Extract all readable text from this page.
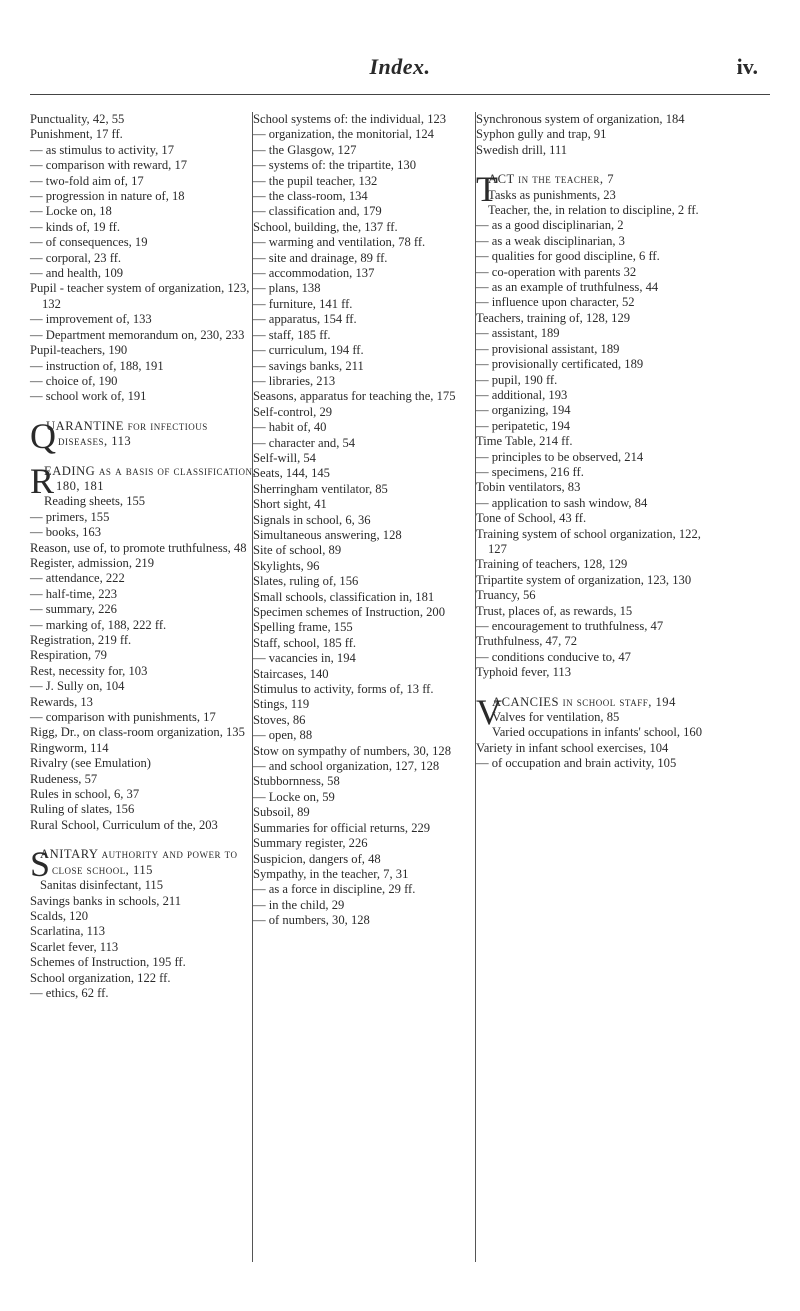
Index.	iv.

Punctuality, 42, 55

Punishment, 17 ff.

— as stimulus to activity, 17

— comparison with reward, 17

— two-fold aim of, 17

— progression in nature of, 18

— Locke on, 18

— kinds of, 19 ff.

— of consequences, 19

— corporal, 23 ff.

— and health, 109

Pupil - teacher system of organization, 123, 132

— improvement of, 133

— Department memorandum on, 230, 233

Pupil-teachers, 190

— instruction of, 188, 191

— choice of, 190

— school work of, 191

Q
UARANTINE for infectious diseases, 113

R
EADING as a basis of classification, 180, 181

Reading sheets, 155

— primers, 155

— books, 163

Reason, use of, to promote truthfulness, 48

Register, admission, 219

— attendance, 222

— half-time, 223

— summary, 226

— marking of, 188, 222 ff.

Registration, 219 ff.

Respiration, 79

Rest, necessity for, 103

— J. Sully on, 104

Rewards, 13

— comparison with punishments, 17

Rigg, Dr., on class-room organization, 135

Ringworm, 114

Rivalry (see Emulation)

Rudeness, 57

Rules in school, 6, 37

Ruling of slates, 156

Rural School, Curriculum of the, 203

S
ANITARY authority and power to close school, 115

Sanitas disinfectant, 115

Savings banks in schools, 211

Scalds, 120

Scarlatina, 113

Scarlet fever, 113

Schemes of Instruction, 195 ff.

School organization, 122 ff.

— ethics, 62 ff.

School systems of: the individual, 123

— organization, the monitorial, 124

— the Glasgow, 127

— systems of: the tripartite, 130

— the pupil teacher, 132

— the class-room, 134

— classification and, 179

School, building, the, 137 ff.

— warming and ventilation, 78 ff.

— site and drainage, 89 ff.

— accommodation, 137

— plans, 138

— furniture, 141 ff.

— apparatus, 154 ff.

— staff, 185 ff.

— curriculum, 194 ff.

— savings banks, 211

— libraries, 213

Seasons, apparatus for teaching the, 175

Self-control, 29

— habit of, 40

— character and, 54

Self-will, 54

Seats, 144, 145

Sherringham ventilator, 85

Short sight, 41

Signals in school, 6, 36

Simultaneous answering, 128

Site of school, 89

Skylights, 96

Slates, ruling of, 156

Small schools, classification in, 181

Specimen schemes of Instruction, 200

Spelling frame, 155

Staff, school, 185 ff.

— vacancies in, 194

Staircases, 140

Stimulus to activity, forms of, 13 ff.

Stings, 119

Stoves, 86

— open, 88

Stow on sympathy of numbers, 30, 128

— and school organization, 127, 128

Stubbornness, 58

— Locke on, 59

Subsoil, 89

Summaries for official returns, 229

Summary register, 226

Suspicion, dangers of, 48

Sympathy, in the teacher, 7, 31

— as a force in discipline, 29 ff.

— in the child, 29

— of numbers, 30, 128

Synchronous system of organization, 184

Syphon gully and trap, 91

Swedish drill, 111

T
ACT in the teacher, 7

Tasks as punishments, 23

Teacher, the, in relation to discipline, 2 ff.

— as a good disciplinarian, 2

— as a weak disciplinarian, 3

— qualities for good discipline, 6 ff.

— co-operation with parents 32

— as an example of truthfulness, 44

— influence upon character, 52

Teachers, training of, 128, 129

— assistant, 189

— provisional assistant, 189

— provisionally certificated, 189

— pupil, 190 ff.

— additional, 193

— organizing, 194

— peripatetic, 194

Time Table, 214 ff.

— principles to be observed, 214

— specimens, 216 ff.

Tobin ventilators, 83

— application to sash window, 84

Tone of School, 43 ff.

Training system of school organization, 122, 127

Training of teachers, 128, 129

Tripartite system of organization, 123, 130

Truancy, 56

Trust, places of, as rewards, 15

— encouragement to truthfulness, 47

Truthfulness, 47, 72

— conditions conducive to, 47

Typhoid fever, 113

V
ACANCIES in school staff, 194

Valves for ventilation, 85

Varied occupations in infants' school, 160

Variety in infant school exercises, 104

— of occupation and brain activity, 105
